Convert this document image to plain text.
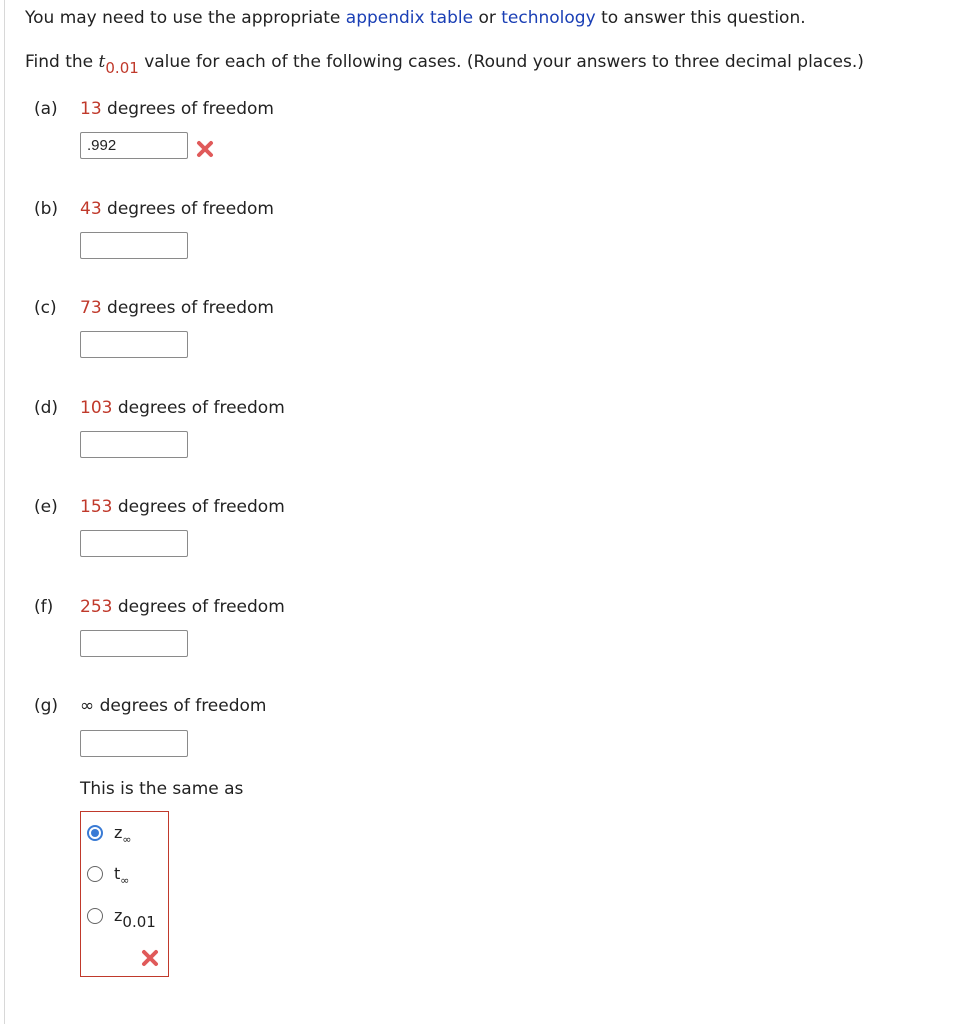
You may need to use the appropriate appendix table or technology to answer this question.
Find the t0.01 value for each of the following cases. (Round your answers to three decimal places.)
(a) 13 degrees of freedom
.992
(b) 43 degrees of freedom
(c) 73 degrees of freedom
(d) 103 degrees of freedom
(e) 153 degrees of freedom
(f) 253 degrees of freedom
(g) ∞ degrees of freedom
This is the same as
$z_\infty$
$t_\infty$
z0.01
